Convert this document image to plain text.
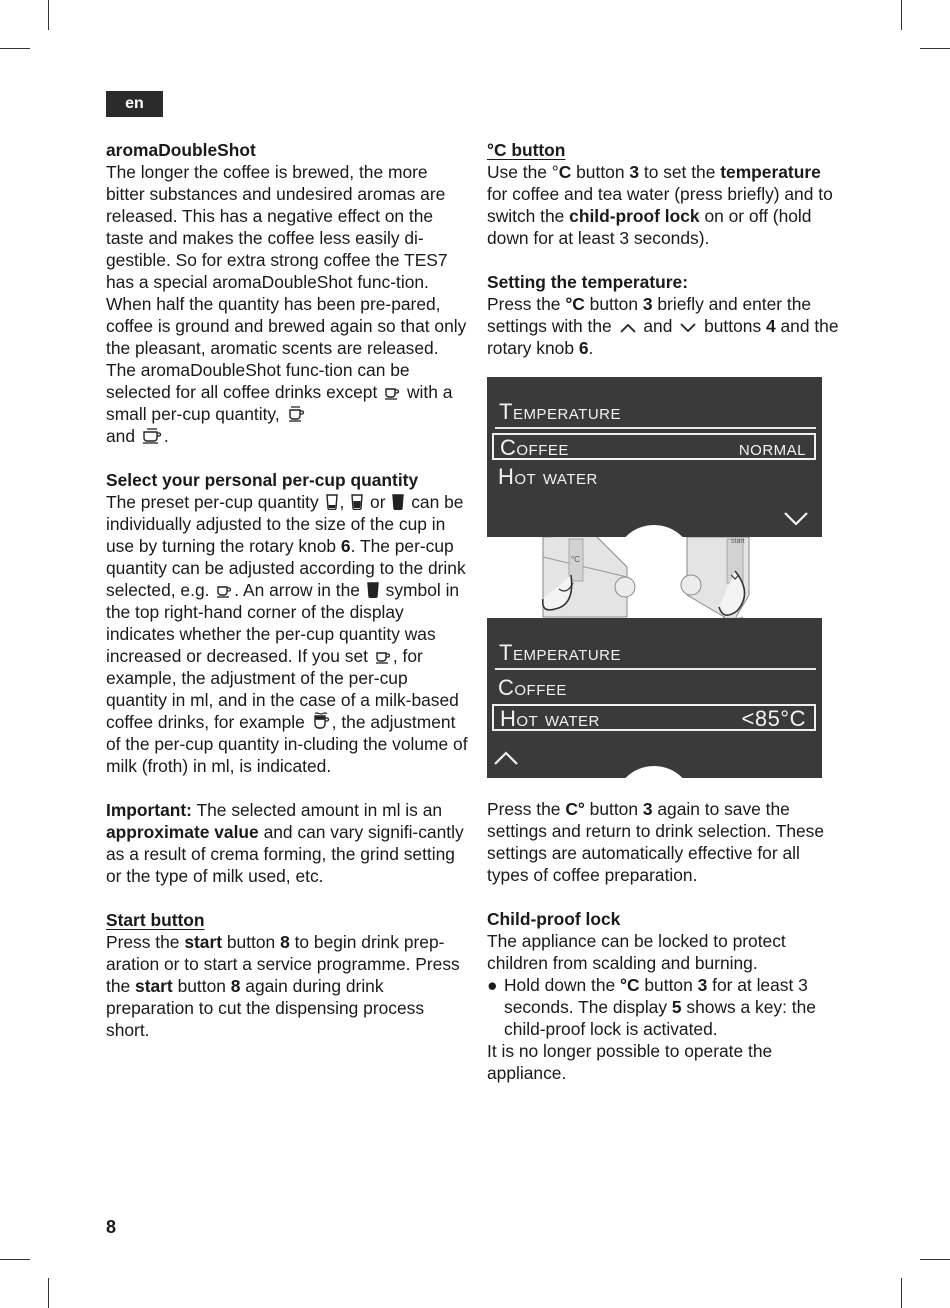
en

aromaDoubleShot

The longer the coffee is brewed, the more bitter substances and undesired aromas are released. This has a negative effect on the taste and makes the coffee less easily di-gestible. So for extra strong coffee the TES7 has a special aromaDoubleShot func-tion. When half the quantity has been pre-pared, coffee is ground and brewed again so that only the pleasant, aromatic scents are released. The aromaDoubleShot func-tion can be selected for all coffee drinks except with a small per-cup quantity,

and .

Select your personal per-cup quantity

The preset per-cup quantity , or can be individually adjusted to the size of the cup in use by turning the rotary knob 6. The per-cup quantity can be adjusted according to the drink selected, e.g. . An arrow in the symbol in the top right-hand corner of the display indicates whether the per-cup quantity was increased or decreased. If you set , for example, the adjustment of the per-cup quantity in ml, and in the case of a milk-based coffee drinks, for example , the adjustment of the per-cup quantity in-cluding the volume of milk (froth) in ml, is indicated.

Important: The selected amount in ml is an approximate value and can vary signifi-cantly as a result of crema forming, the grind setting or the type of milk used, etc.

Start button

Press the start button 8 to begin drink prep-aration or to start a service programme. Press the start button 8 again during drink preparation to cut the dispensing process short.

°C button

Use the °C button 3 to set the temperature for coffee and tea water (press briefly) and to switch the child-proof lock on or off (hold down for at least 3 seconds).

Setting the temperature:

Press the °C button 3 briefly and enter the settings with the and buttons 4 and the rotary knob 6.

Temperature
Coffee	normal
Hot water
°C
start
Temperature
Coffee
Hot water	<85°C

Press the C° button 3 again to save the settings and return to drink selection. These settings are automatically effective for all types of coffee preparation.

Child-proof lock

The appliance can be locked to protect children from scalding and burning.

● Hold down the °C button 3 for at least 3 seconds. The display 5 shows a key: the child-proof lock is activated.

It is no longer possible to operate the appliance.

8
